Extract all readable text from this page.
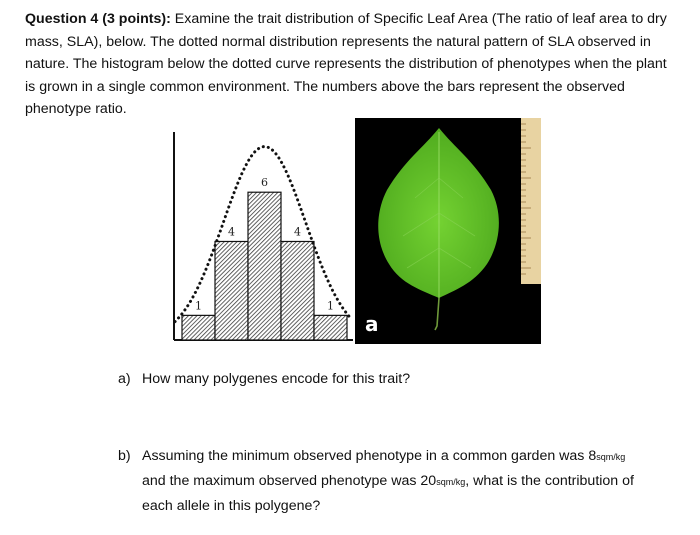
Question 4 (3 points): Examine the trait distribution of Specific Leaf Area (The ratio of leaf area to dry mass, SLA), below. The dotted normal distribution represents the natural pattern of SLA observed in nature. The histogram below the dotted curve represents the distribution of phenotypes when the plant is grown in a single common environment. The numbers above the bars represent the observed phenotype ratio.

1
4
6
4
1
a
a) How many polygenes encode for this trait?
b) Assuming the minimum observed phenotype in a common garden was 8sqm/kg and the maximum observed phenotype was 20sqm/kg, what is the contribution of each allele in this polygene?
